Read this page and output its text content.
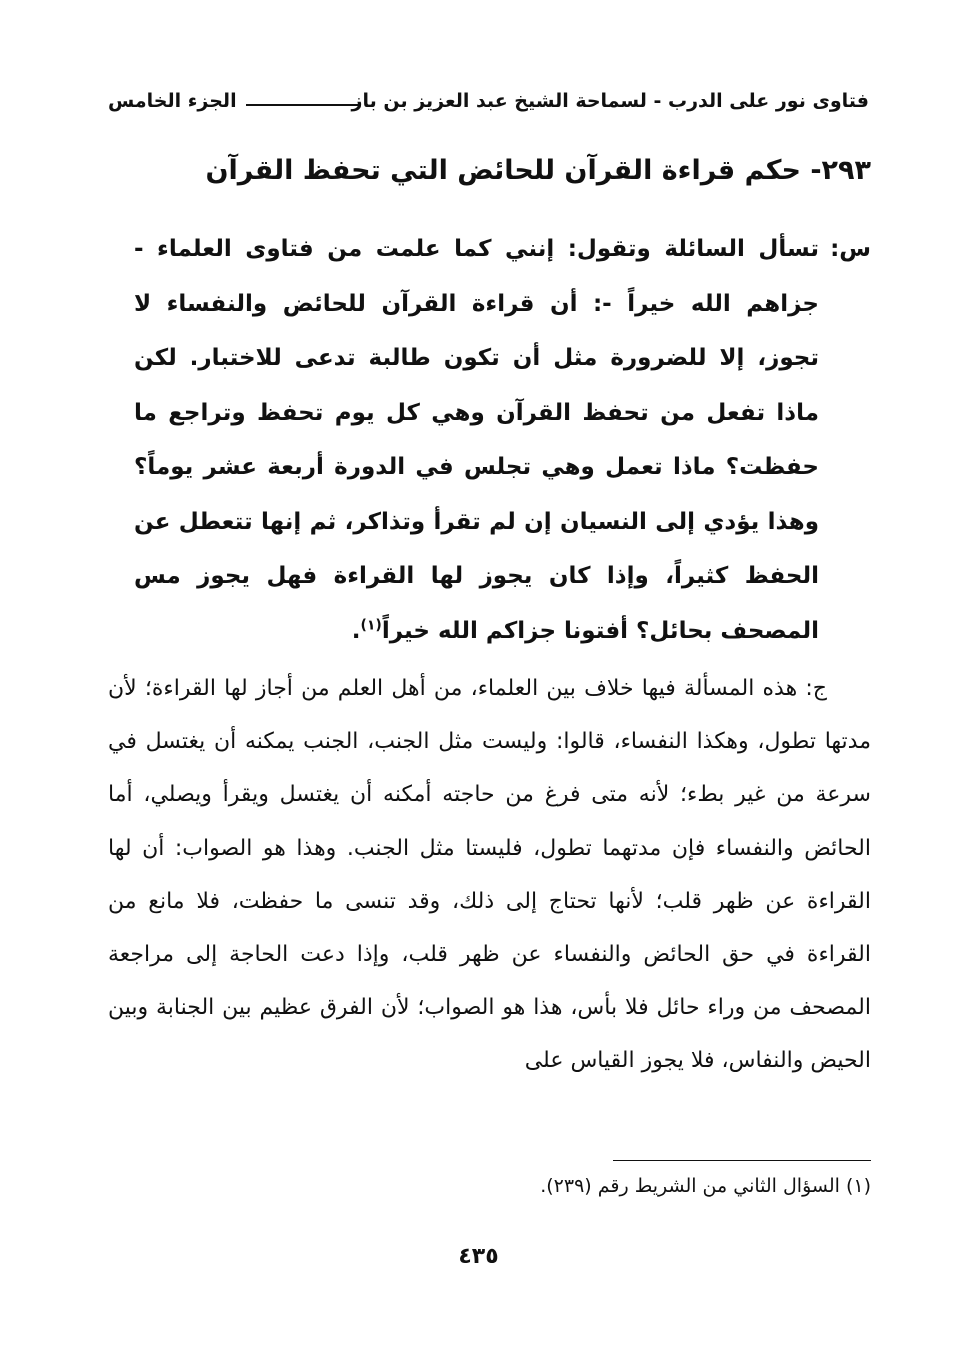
فتاوى نور على الدرب - لسماحة الشيخ عبد العزيز بن باز
الجزء الخامس
٢٩٣- حكم قراءة القرآن للحائض التي تحفظ القرآن
س:تسأل السائلة وتقول: إنني كما علمت من فتاوى العلماء - جزاهم الله خيراً -: أن قراءة القرآن للحائض والنفساء لا تجوز، إلا للضرورة مثل أن تكون طالبة تدعى للاختبار. لكن ماذا تفعل من تحفظ القرآن وهي كل يوم تحفظ وتراجع ما حفظت؟ ماذا تعمل وهي تجلس في الدورة أربعة عشر يوماً؟ وهذا يؤدي إلى النسيان إن لم تقرأ وتذاكر، ثم إنها تتعطل عن الحفظ كثيراً، وإذا كان يجوز لها القراءة فهل يجوز مس المصحف بحائل؟ أفتونا جزاكم الله خيراً$^{(١)}$.
ج: هذه المسألة فيها خلاف بين العلماء، من أهل العلم من أجاز لها القراءة؛ لأن مدتها تطول، وهكذا النفساء، قالوا: وليست مثل الجنب، الجنب يمكنه أن يغتسل في سرعة من غير بطء؛ لأنه متى فرغ من حاجته أمكنه أن يغتسل ويقرأ ويصلي، أما الحائض والنفساء فإن مدتهما تطول، فليستا مثل الجنب. وهذا هو الصواب: أن لها القراءة عن ظهر قلب؛ لأنها تحتاج إلى ذلك، وقد تنسى ما حفظت، فلا مانع من القراءة في حق الحائض والنفساء عن ظهر قلب، وإذا دعت الحاجة إلى مراجعة المصحف من وراء حائل فلا بأس، هذا هو الصواب؛ لأن الفرق عظيم بين الجنابة وبين الحيض والنفاس، فلا يجوز القياس على
(١) السؤال الثاني من الشريط رقم (٢٣٩).
٤٣٥
